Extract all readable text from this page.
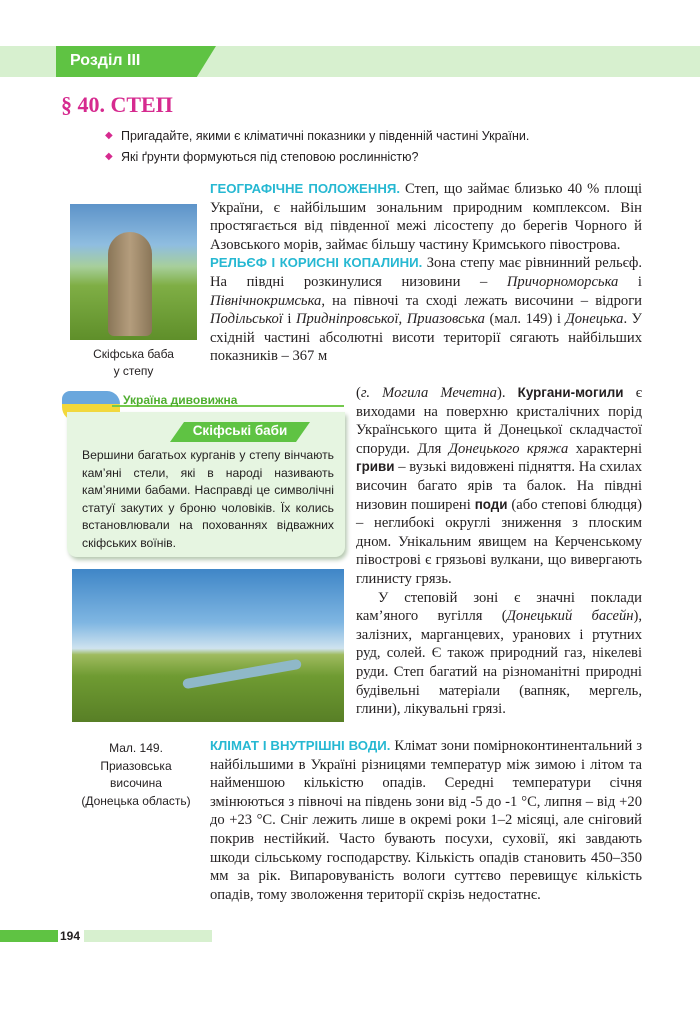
Розділ III
§ 40. СТЕП
◆ Пригадайте, якими є кліматичні показники у південній частині України.
◆ Які ґрунти формуються під степовою рослинністю?

ГЕОГРАФІЧНЕ ПОЛОЖЕННЯ. Степ, що займає близько 40 % площі України, є найбільшим зональним природним комплексом. Він простягається від південної межі лісостепу до берегів Чорного й Азовського морів, займає більшу частину Кримського півострова.

РЕЛЬЄФ І КОРИСНІ КОПАЛИНИ. Зона степу має рівнинний рельєф. На півдні розкинулися низовини – Причорноморська і Північнокримська, на півночі та сході лежать височини – відроги Подільської і Придніпровської, Приазовська (мал. 149) і Донецька. У східній частині абсолютні висоти території сягають найбільших показників – 367 м

(г. Могила Мечетна). Кургани-могили є виходами на поверхню кристалічних порід Українського щита й Донецької складчастої споруди. Для Донецького кряжа характерні гриви – вузькі видовжені підняття. На схилах височин багато ярів та балок. На півдні низовин поширені поди (або степові блюдця) – неглибокі округлі зниження з плоским дном. Унікальним явищем на Керченському півострові є грязьові вулкани, що вивергають глинисту грязь.

У степовій зоні є значні поклади кам’яного вугілля (Донецький басейн), залізних, марганцевих, уранових і ртутних руд, солей. Є також природний газ, нікелеві руди. Степ багатий на різноманітні природні будівельні матеріали (вапняк, мергель, глини), лікувальні грязі.

КЛІМАТ І ВНУТРІШНІ ВОДИ. Клімат зони помірноконтинентальний з найбільшими в Україні різницями температур між зимою і літом та найменшою кількістю опадів. Середні температури січня змінюються з півночі на південь зони від -5 до -1 °С, липня – від +20 до +23 °С. Сніг лежить лише в окремі роки 1–2 місяці, але сніговий покрив нестійкий. Часто бувають посухи, суховії, які завдають шкоди сільському господарству. Кількість опадів становить 450–350 мм за рік. Випаровуваність вологи суттєво перевищує кількість опадів, тому зволоження території скрізь недостатнє.

Скіфська баба
у степу
Україна дивовижна
Скіфські баби

Вершини багатьох курганів у степу вінчають кам’яні стели, які в народі називають кам’яними бабами. Насправді це символічні статуї закутих у броню чоловіків. Їх колись встановлювали на похованнях відважних скіфських воїнів.

Мал. 149.
Приазовська
височина
(Донецька область)
194
